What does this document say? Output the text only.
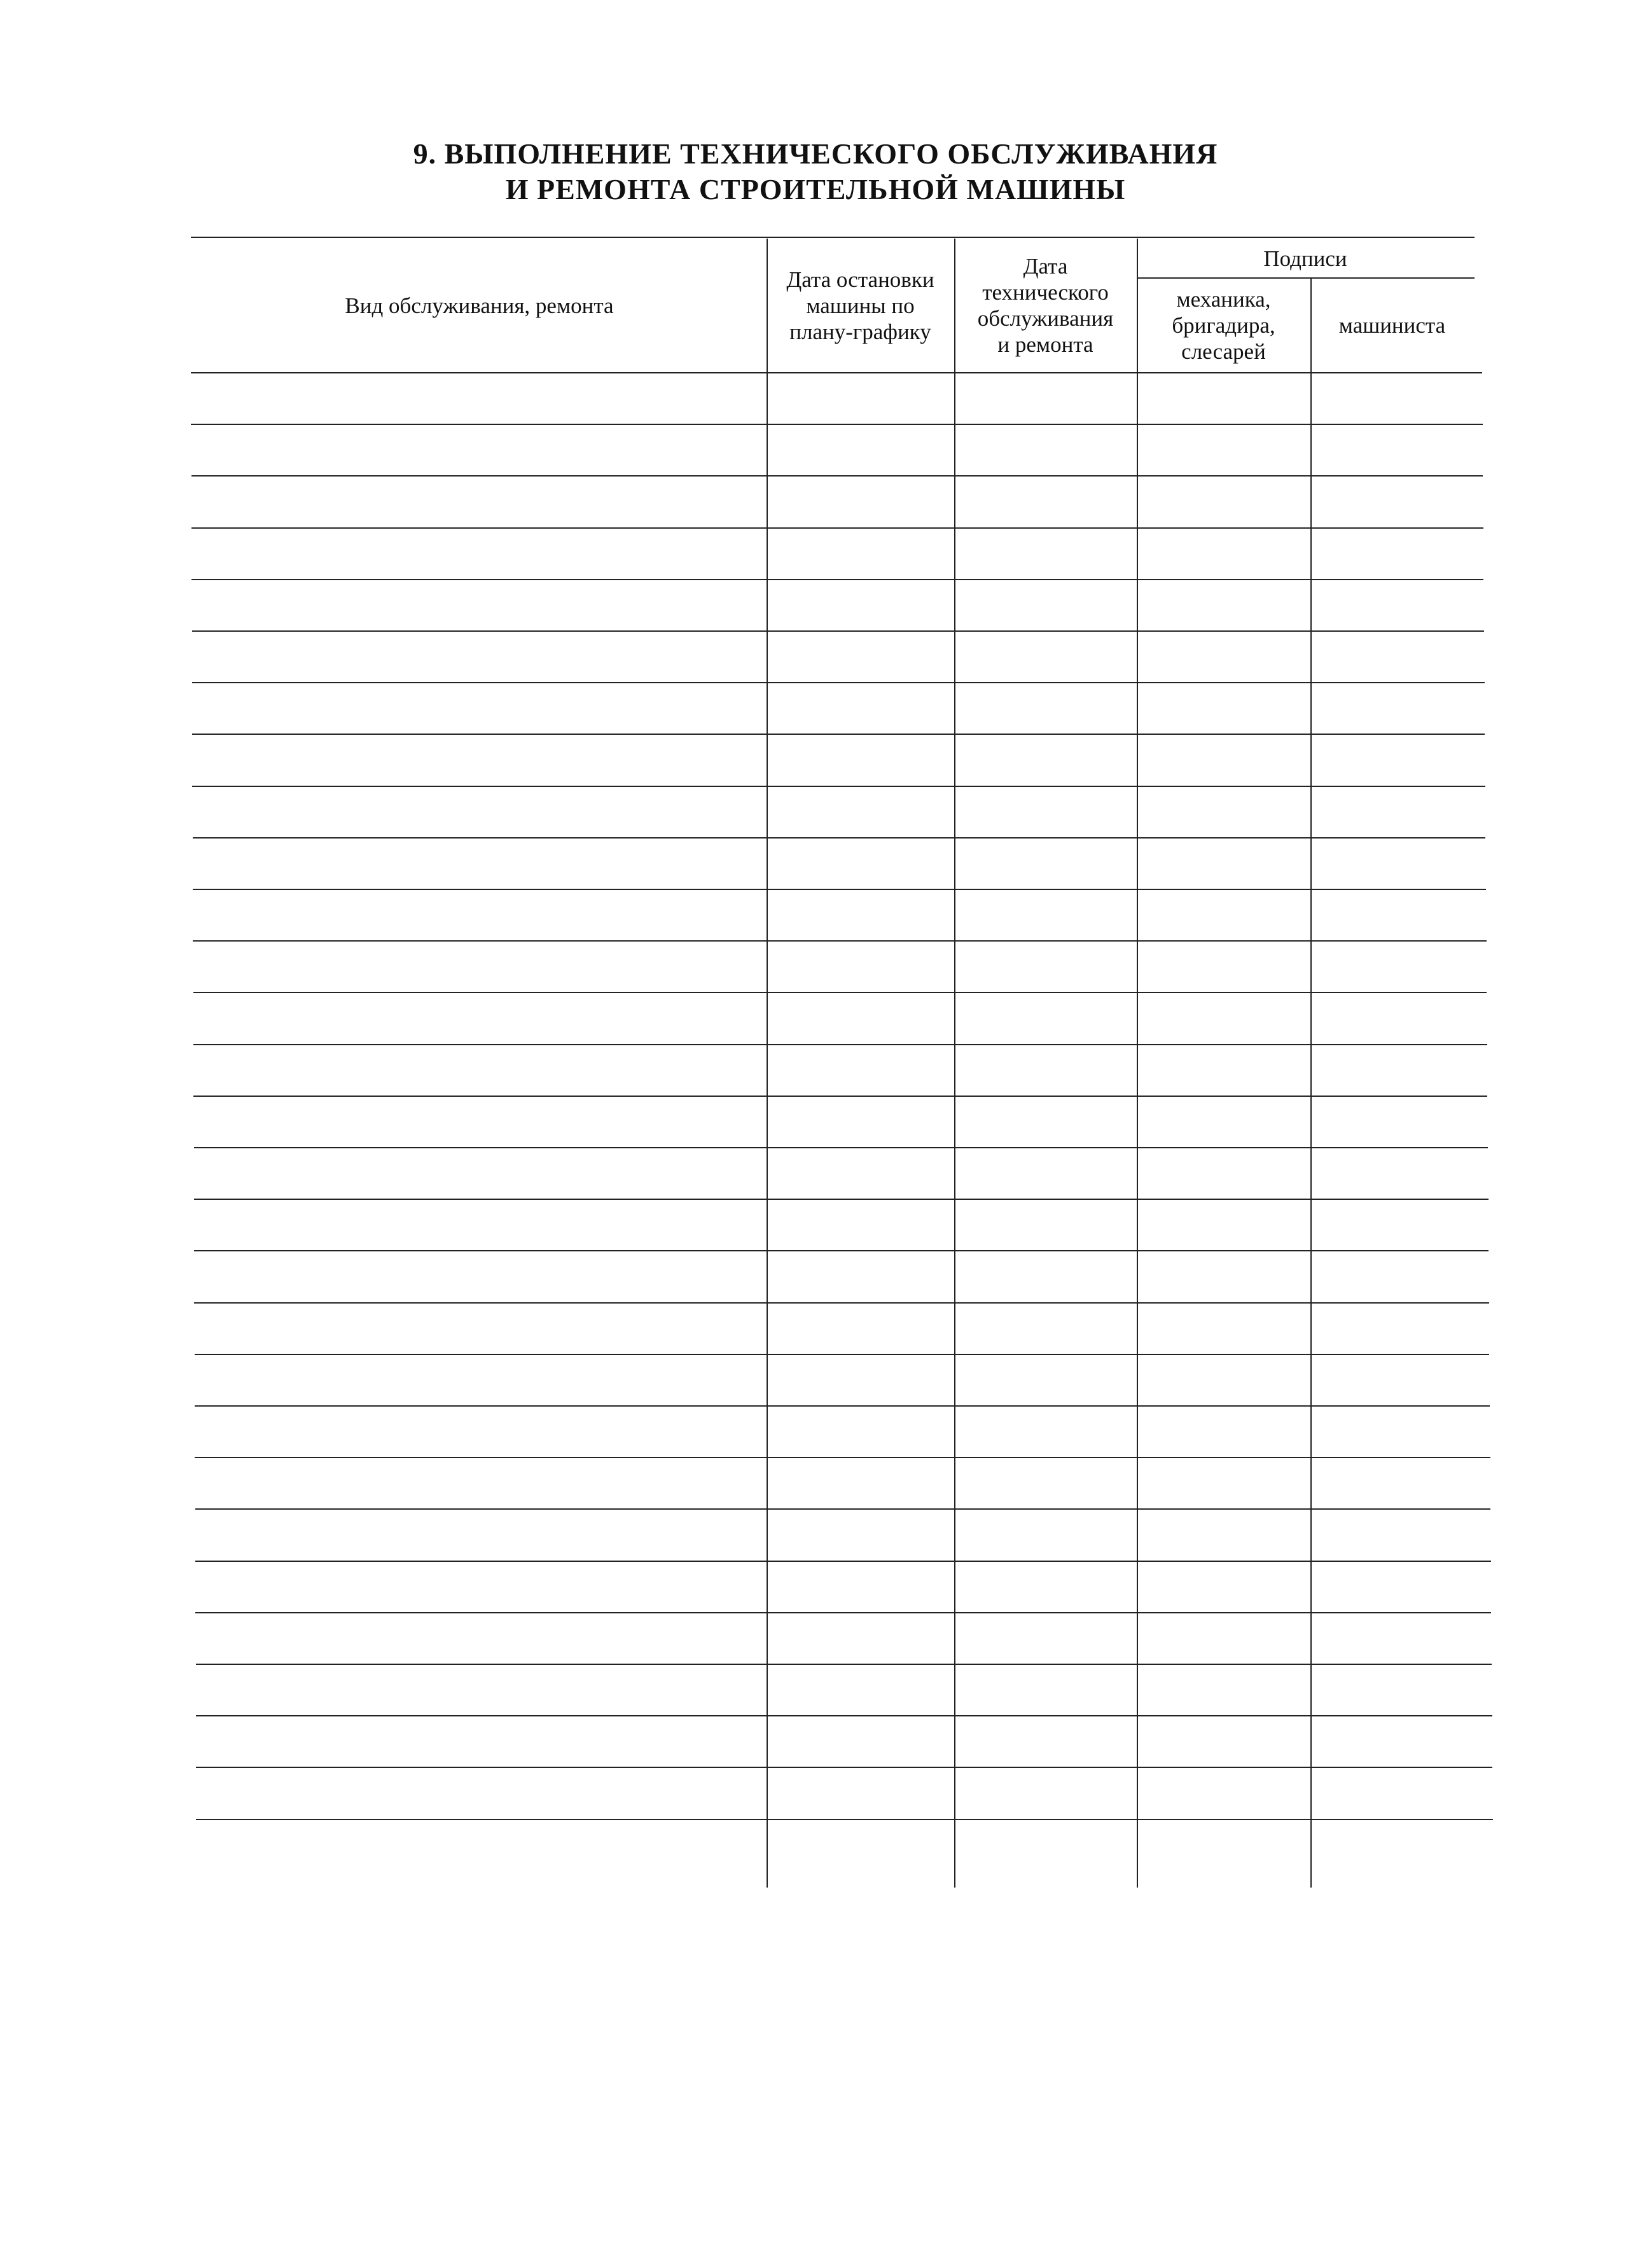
9. ВЫПОЛНЕНИЕ ТЕХНИЧЕСКОГО ОБСЛУЖИВАНИЯ
И РЕМОНТА СТРОИТЕЛЬНОЙ МАШИНЫ
Вид обслуживания, ремонта
Дата остановки
машины по
плану-графику
Дата
технического
обслуживания
и ремонта
Подписи
механика,
бригадира,
слесарей
машиниста
